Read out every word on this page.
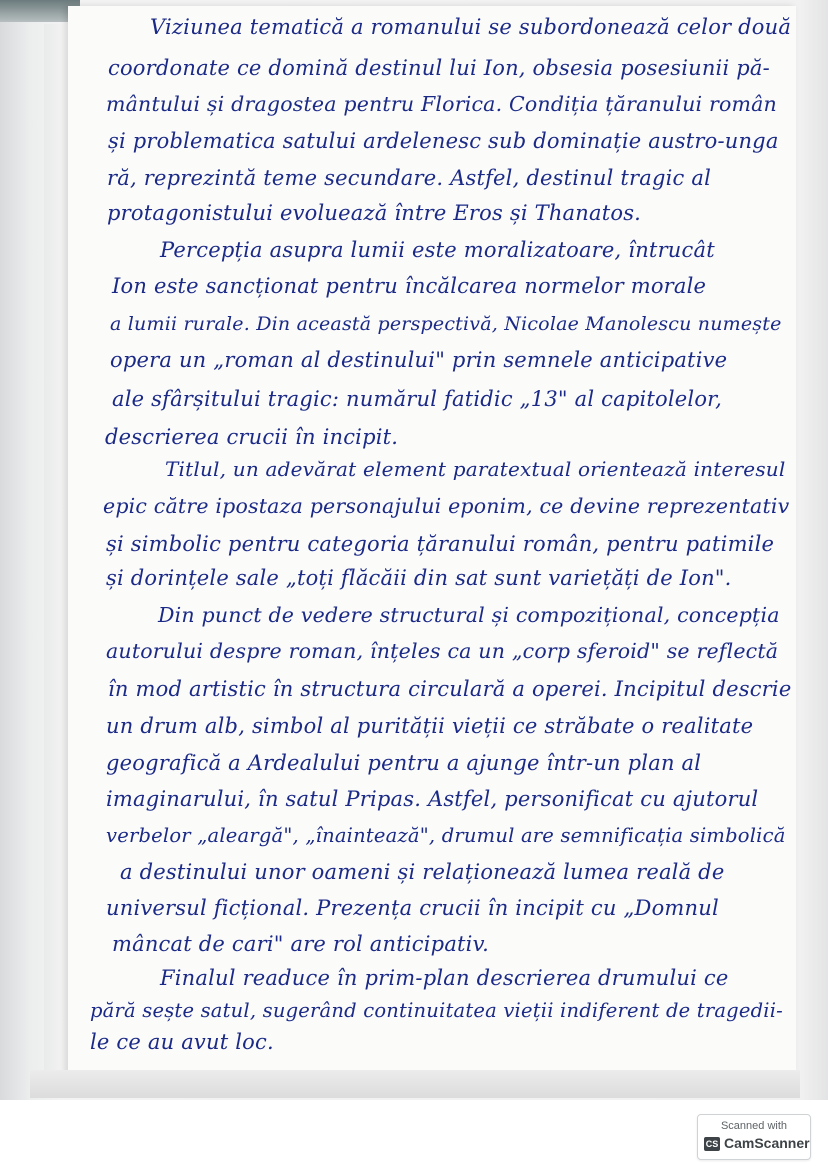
Viziunea tematică a romanului se subordonează celor două
coordonate ce domină destinul lui Ion, obsesia posesiunii pă-
mântului și dragostea pentru Florica. Condiția țăranului român
și problematica satului ardelenesc sub dominație austro-unga
ră, reprezintă teme secundare. Astfel, destinul tragic al
protagonistului evoluează între Eros și Thanatos.
Percepția asupra lumii este moralizatoare, întrucât
Ion este sancționat pentru încălcarea normelor morale
a lumii rurale. Din această perspectivă, Nicolae Manolescu numește
opera un „roman al destinului" prin semnele anticipative
ale sfârșitului tragic: numărul fatidic „13" al capitolelor,
descrierea crucii în incipit.
Titlul, un adevărat element paratextual orientează interesul
epic către ipostaza personajului eponim, ce devine reprezentativ
și simbolic pentru categoria țăranului român, pentru patimile
și dorințele sale „toți flăcăii din sat sunt variețăți de Ion".
Din punct de vedere structural și compozițional, concepția
autorului despre roman, înțeles ca un „corp sferoid" se reflectă
în mod artistic în structura circulară a operei. Incipitul descrie
un drum alb, simbol al purității vieții ce străbate o realitate
geografică a Ardealului pentru a ajunge într-un plan al
imaginarului, în satul Pripas. Astfel, personificat cu ajutorul
verbelor „aleargă", „înaintează", drumul are semnificația simbolică
a destinului unor oameni și relaționează lumea reală de
universul ficțional. Prezența crucii în incipit cu „Domnul
mâncat de cari" are rol anticipativ.
Finalul readuce în prim-plan descrierea drumului ce
pără sește satul, sugerând continuitatea vieții indiferent de tragedii-
le ce au avut loc.
Scanned with
CS CamScanner
